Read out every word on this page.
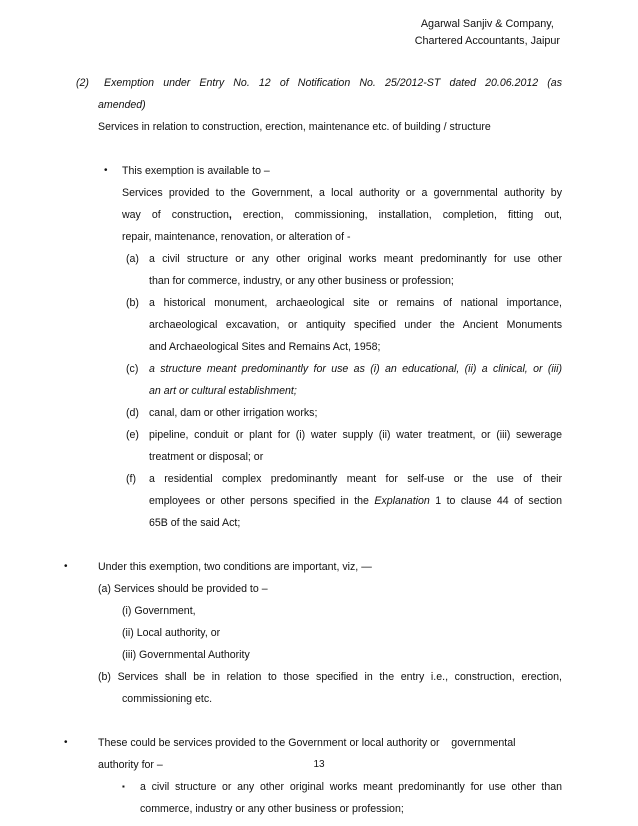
Agarwal Sanjiv & Company,
Chartered Accountants, Jaipur
(2) Exemption under Entry No. 12 of Notification No. 25/2012-ST dated 20.06.2012 (as
amended)
Services in relation to construction, erection, maintenance etc. of building / structure
• This exemption is available to –
Services provided to the Government, a local authority or a governmental authority by
way of construction, erection, commissioning, installation, completion, fitting out,
repair, maintenance, renovation, or alteration of -
(a) a civil structure or any other original works meant predominantly for use other
than for commerce, industry, or any other business or profession;
(b) a historical monument, archaeological site or remains of national importance,
archaeological excavation, or antiquity specified under the Ancient Monuments
and Archaeological Sites and Remains Act, 1958;
(c) a structure meant predominantly for use as (i) an educational, (ii) a clinical, or (iii)
an art or cultural establishment;
(d) canal, dam or other irrigation works;
(e) pipeline, conduit or plant for (i) water supply (ii) water treatment, or (iii) sewerage
treatment or disposal; or
(f) a residential complex predominantly meant for self-use or the use of their
employees or other persons specified in the Explanation 1 to clause 44 of section
65B of the said Act;
•	Under this exemption, two conditions are important, viz, —
(a) Services should be provided to –
(i) Government,
(ii) Local authority, or
(iii) Governmental Authority
(b) Services shall be in relation to those specified in the entry i.e., construction, erection,
commissioning etc.
•	These could be services provided to the Government or local authority or    governmental
authority for –
▪ a civil structure or any other original works meant predominantly for use other than
commerce, industry or any other business or profession;
13
